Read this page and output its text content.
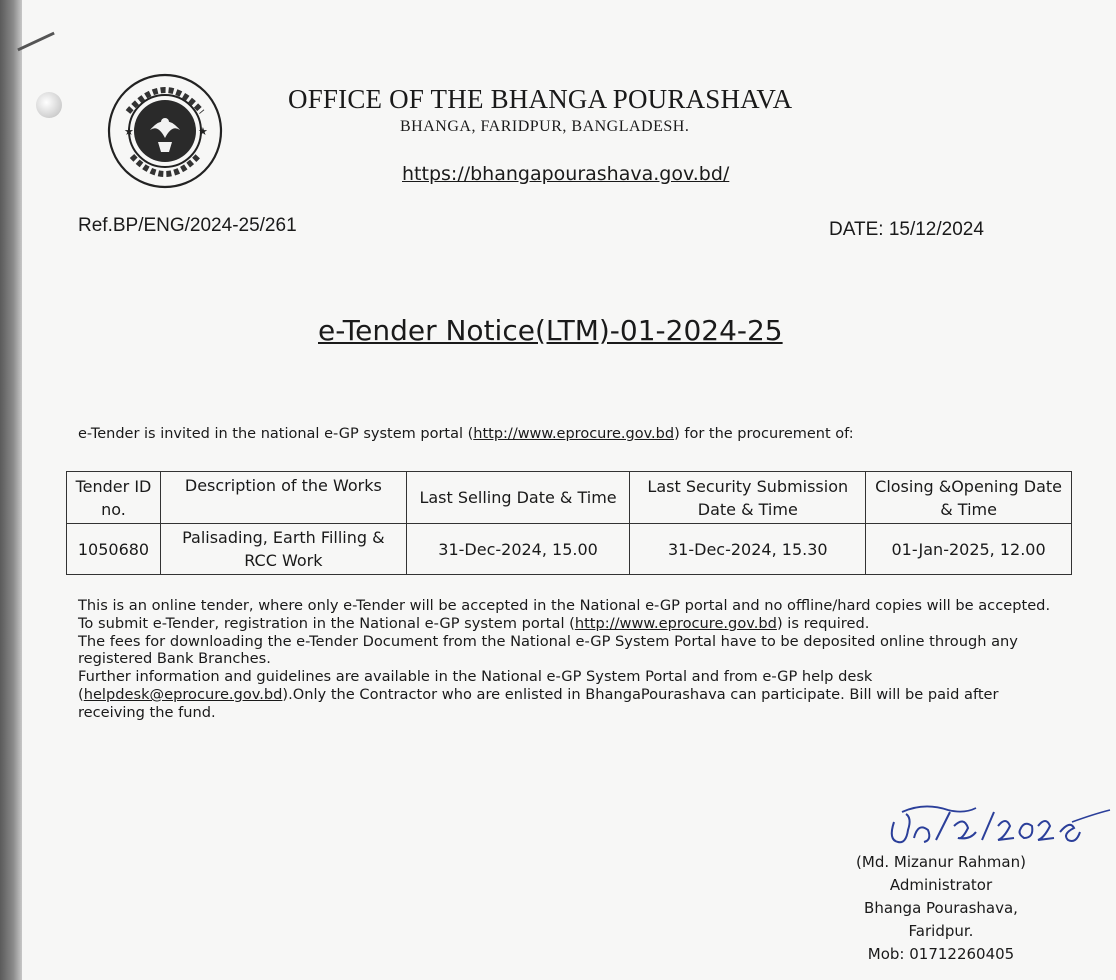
★	★
OFFICE OF THE BHANGA POURASHAVA
BHANGA, FARIDPUR, BANGLADESH.
https://bhangapourashava.gov.bd/
Ref.BP/ENG/2024-25/261	DATE: 15/12/2024
e-Tender Notice(LTM)-01-2024-25
e-Tender is invited in the national e-GP system portal (http://www.eprocure.gov.bd) for the procurement of:
Tender ID no.	Description of the Works	Last Selling Date & Time	Last Security Submission Date & Time	Closing &Opening Date & Time
1050680	Palisading, Earth Filling & RCC Work	31-Dec-2024, 15.00	31-Dec-2024, 15.30	01-Jan-2025, 12.00

This is an online tender, where only e-Tender will be accepted in the National e-GP portal and no offline/hard copies will be accepted.

To submit e-Tender, registration in the National e-GP system portal (http://www.eprocure.gov.bd) is required.

The fees for downloading the e-Tender Document from the National e-GP System Portal have to be deposited online through any registered Bank Branches.

Further information and guidelines are available in the National e-GP System Portal and from e-GP help desk
(helpdesk@eprocure.gov.bd).Only the Contractor who are enlisted in BhangaPourashava can participate. Bill will be paid after receiving the fund.

(Md. Mizanur Rahman)
Administrator
Bhanga Pourashava,
Faridpur.
Mob: 01712260405
